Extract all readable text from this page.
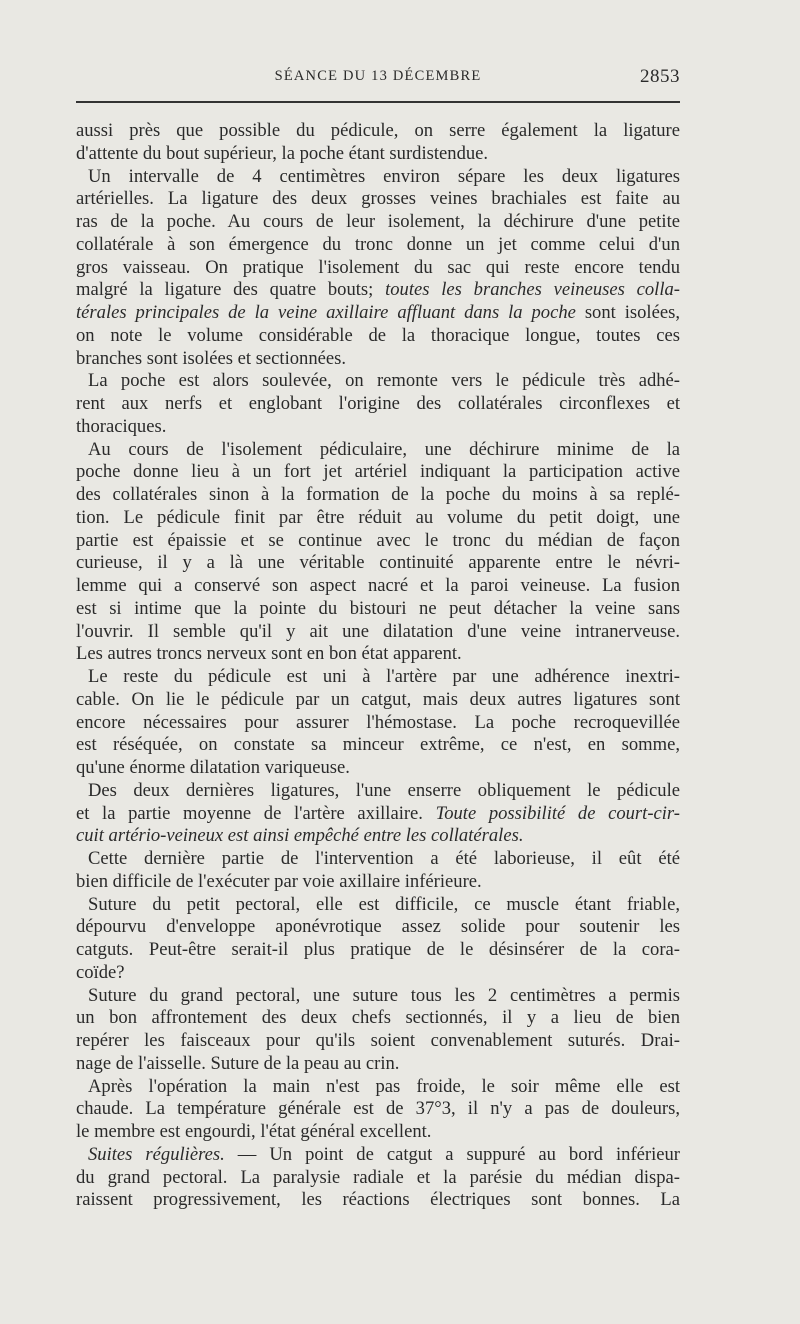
SÉANCE DU 13 DÉCEMBRE	2853

aussi près que possible du pédicule, on serre également la ligature

d'attente du bout supérieur, la poche étant surdistendue.

Un intervalle de 4 centimètres environ sépare les deux ligatures

artérielles. La ligature des deux grosses veines brachiales est faite au

ras de la poche. Au cours de leur isolement, la déchirure d'une petite

collatérale à son émergence du tronc donne un jet comme celui d'un

gros vaisseau. On pratique l'isolement du sac qui reste encore tendu

malgré la ligature des quatre bouts; toutes les branches veineuses colla-

térales principales de la veine axillaire affluant dans la poche sont isolées,

on note le volume considérable de la thoracique longue, toutes ces

branches sont isolées et sectionnées.

La poche est alors soulevée, on remonte vers le pédicule très adhé-

rent aux nerfs et englobant l'origine des collatérales circonflexes et

thoraciques.

Au cours de l'isolement pédiculaire, une déchirure minime de la

poche donne lieu à un fort jet artériel indiquant la participation active

des collatérales sinon à la formation de la poche du moins à sa replé-

tion. Le pédicule finit par être réduit au volume du petit doigt, une

partie est épaissie et se continue avec le tronc du médian de façon

curieuse, il y a là une véritable continuité apparente entre le névri-

lemme qui a conservé son aspect nacré et la paroi veineuse. La fusion

est si intime que la pointe du bistouri ne peut détacher la veine sans

l'ouvrir. Il semble qu'il y ait une dilatation d'une veine intranerveuse.

Les autres troncs nerveux sont en bon état apparent.

Le reste du pédicule est uni à l'artère par une adhérence inextri-

cable. On lie le pédicule par un catgut, mais deux autres ligatures sont

encore nécessaires pour assurer l'hémostase. La poche recroquevillée

est réséquée, on constate sa minceur extrême, ce n'est, en somme,

qu'une énorme dilatation variqueuse.

Des deux dernières ligatures, l'une enserre obliquement le pédicule

et la partie moyenne de l'artère axillaire. Toute possibilité de court-cir-

cuit artério-veineux est ainsi empêché entre les collatérales.

Cette dernière partie de l'intervention a été laborieuse, il eût été

bien difficile de l'exécuter par voie axillaire inférieure.

Suture du petit pectoral, elle est difficile, ce muscle étant friable,

dépourvu d'enveloppe aponévrotique assez solide pour soutenir les

catguts. Peut-être serait-il plus pratique de le désinsérer de la cora-

coïde?

Suture du grand pectoral, une suture tous les 2 centimètres a permis

un bon affrontement des deux chefs sectionnés, il y a lieu de bien

repérer les faisceaux pour qu'ils soient convenablement suturés. Drai-

nage de l'aisselle. Suture de la peau au crin.

Après l'opération la main n'est pas froide, le soir même elle est

chaude. La température générale est de 37°3, il n'y a pas de douleurs,

le membre est engourdi, l'état général excellent.

Suites régulières. — Un point de catgut a suppuré au bord inférieur

du grand pectoral. La paralysie radiale et la parésie du médian dispa-

raissent progressivement, les réactions électriques sont bonnes. La
